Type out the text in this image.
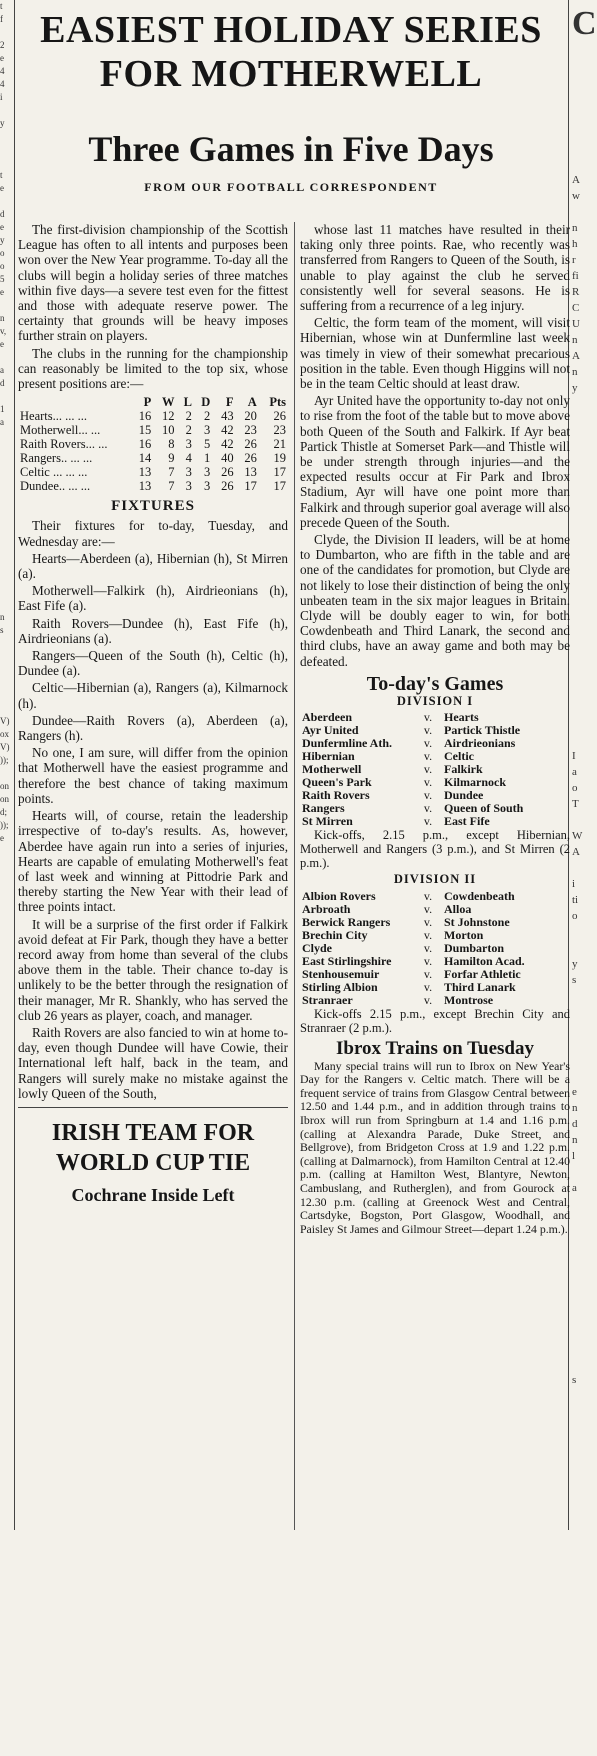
t
f

2
e
4
4
i

y

t
e

d
e
y
o
o
5
e

n
v,
e

a
d

1
a

n
s

V)
ox
V)
));

on
on
d;
));
e
C

A
w

n
h
r
fi
R
C
U
n
A
n
y

I
a
o
T

W
A

i
ti
o

y
s

e
n
d
n
l

a

s

EASIEST HOLIDAY SERIES
FOR MOTHERWELL
Three Games in Five Days
FROM OUR FOOTBALL CORRESPONDENT

The first-division championship of the Scottish League has often to all intents and purposes been won over the New Year programme. To-day all the clubs will begin a holiday series of three matches within five days—a severe test even for the fittest and those with adequate reserve power. The certainty that grounds will be heavy imposes further strain on players.

The clubs in the running for the championship can reasonably be limited to the top six, whose present positions are:—

	P	W	L	D	F	A	Pts
Hearts... ... ...	16	12	2	2	43	20	26
Motherwell... ...	15	10	2	3	42	23	23
Raith Rovers... ...	16	8	3	5	42	26	21
Rangers.. ... ...	14	9	4	1	40	26	19
Celtic ... ... ...	13	7	3	3	26	13	17
Dundee.. ... ...	13	7	3	3	26	17	17
FIXTURES

Their fixtures for to-day, Tuesday, and Wednesday are:—

Hearts—Aberdeen (a), Hibernian (h), St Mirren (a).

Motherwell—Falkirk (h), Airdrieonians (h), East Fife (a).

Raith Rovers—Dundee (h), East Fife (h), Airdrieonians (a).

Rangers—Queen of the South (h), Celtic (h), Dundee (a).

Celtic—Hibernian (a), Rangers (a), Kilmarnock (h).

Dundee—Raith Rovers (a), Aberdeen (a), Rangers (h).

No one, I am sure, will differ from the opinion that Motherwell have the easiest programme and therefore the best chance of taking maximum points.

Hearts will, of course, retain the leadership irrespective of to-day's results. As, however, Aberdee have again run into a series of injuries, Hearts are capable of emulating Motherwell's feat of last week and winning at Pittodrie Park and thereby starting the New Year with their lead of three points intact.

It will be a surprise of the first order if Falkirk avoid defeat at Fir Park, though they have a better record away from home than several of the clubs above them in the table. Their chance to-day is unlikely to be the better through the resignation of their manager, Mr R. Shankly, who has served the club 26 years as player, coach, and manager.

Raith Rovers are also fancied to win at home to-day, even though Dundee will have Cowie, their International left half, back in the team, and Rangers will surely make no mistake against the lowly Queen of the South,

IRISH TEAM FOR
WORLD CUP TIE
Cochrane Inside Left

whose last 11 matches have resulted in their taking only three points. Rae, who recently was transferred from Rangers to Queen of the South, is unable to play against the club he served consistently well for several seasons. He is suffering from a recurrence of a leg injury.

Celtic, the form team of the moment, will visit Hibernian, whose win at Dunfermline last week was timely in view of their somewhat precarious position in the table. Even though Higgins will not be in the team Celtic should at least draw.

Ayr United have the opportunity to-day not only to rise from the foot of the table but to move above both Queen of the South and Falkirk. If Ayr beat Partick Thistle at Somerset Park—and Thistle will be under strength through injuries—and the expected results occur at Fir Park and Ibrox Stadium, Ayr will have one point more than Falkirk and through superior goal average will also precede Queen of the South.

Clyde, the Division II leaders, will be at home to Dumbarton, who are fifth in the table and are one of the candidates for promotion, but Clyde are not likely to lose their distinction of being the only unbeaten team in the six major leagues in Britain. Clyde will be doubly eager to win, for both Cowdenbeath and Third Lanark, the second and third clubs, have an away game and both may be defeated.

To-day's Games
DIVISION I
Aberdeen	v.	Hearts
Ayr United	v.	Partick Thistle
Dunfermline Ath.	v.	Airdrieonians
Hibernian	v.	Celtic
Motherwell	v.	Falkirk
Queen's Park	v.	Kilmarnock
Raith Rovers	v.	Dundee
Rangers	v.	Queen of South
St Mirren	v.	East Fife

Kick-offs, 2.15 p.m., except Hibernian, Motherwell and Rangers (3 p.m.), and St Mirren (2 p.m.).

DIVISION II
Albion Rovers	v.	Cowdenbeath
Arbroath	v.	Alloa
Berwick Rangers	v.	St Johnstone
Brechin City	v.	Morton
Clyde	v.	Dumbarton
East Stirlingshire	v.	Hamilton Acad.
Stenhousemuir	v.	Forfar Athletic
Stirling Albion	v.	Third Lanark
Stranraer	v.	Montrose

Kick-offs 2.15 p.m., except Brechin City and Stranraer (2 p.m.).

Ibrox Trains on Tuesday

Many special trains will run to Ibrox on New Year's Day for the Rangers v. Celtic match. There will be a frequent service of trains from Glasgow Central between 12.50 and 1.44 p.m., and in addition through trains to Ibrox will run from Springburn at 1.4 and 1.16 p.m. (calling at Alexandra Parade, Duke Street, and Bellgrove), from Bridgeton Cross at 1.9 and 1.22 p.m. (calling at Dalmarnock), from Hamilton Central at 12.40 p.m. (calling at Hamilton West, Blantyre, Newton, Cambuslang, and Rutherglen), and from Gourock at 12.30 p.m. (calling at Greenock West and Central, Cartsdyke, Bogston, Port Glasgow, Woodhall, and Paisley St James and Gilmour Street—depart 1.24 p.m.).
